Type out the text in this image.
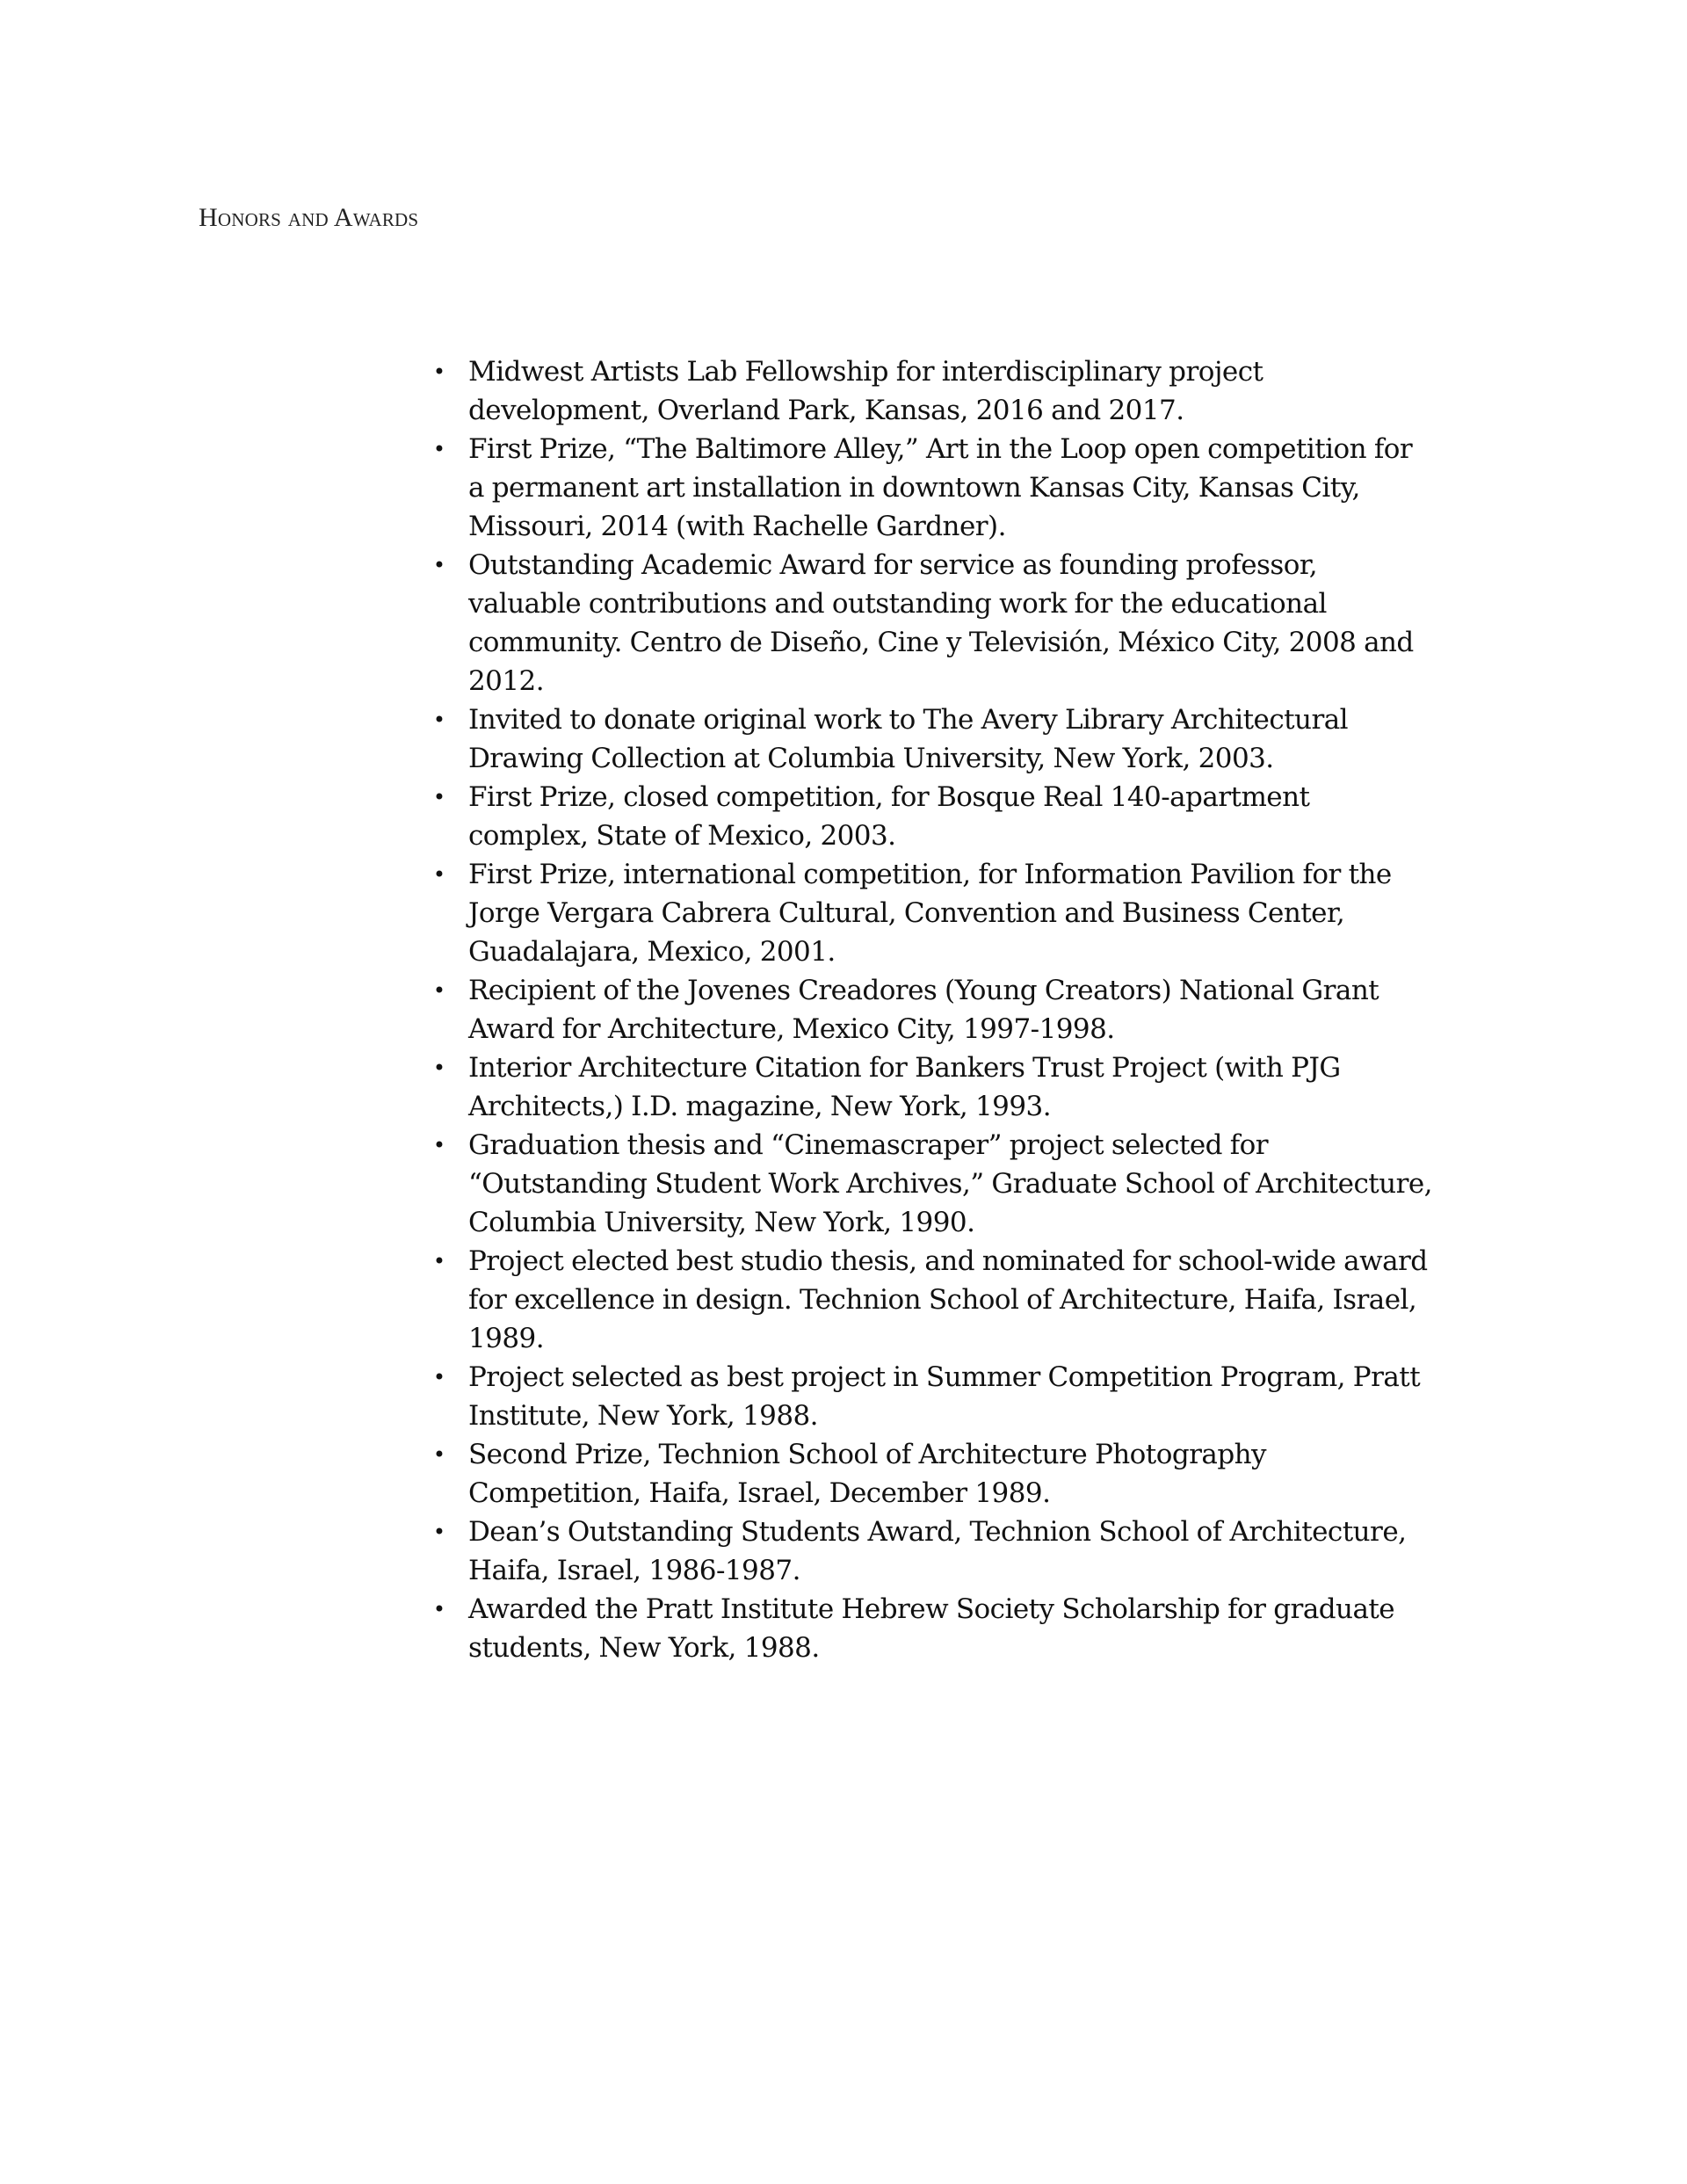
Honors and Awards
• Midwest Artists Lab Fellowship for interdisciplinary project
development, Overland Park, Kansas, 2016 and 2017.
• First Prize, “The Baltimore Alley,” Art in the Loop open competition for
a permanent art installation in downtown Kansas City, Kansas City,
Missouri, 2014 (with Rachelle Gardner).
• Outstanding Academic Award for service as founding professor,
valuable contributions and outstanding work for the educational
community. Centro de Diseño, Cine y Televisión, México City, 2008 and
2012.
• Invited to donate original work to The Avery Library Architectural
Drawing Collection at Columbia University, New York, 2003.
• First Prize, closed competition, for Bosque Real 140-apartment
complex, State of Mexico, 2003.
• First Prize, international competition, for Information Pavilion for the
Jorge Vergara Cabrera Cultural, Convention and Business Center,
Guadalajara, Mexico, 2001.
• Recipient of the Jovenes Creadores (Young Creators) National Grant
Award for Architecture, Mexico City, 1997-1998.
• Interior Architecture Citation for Bankers Trust Project (with PJG
Architects,) I.D. magazine, New York, 1993.
• Graduation thesis and “Cinemascraper” project selected for
“Outstanding Student Work Archives,” Graduate School of Architecture,
Columbia University, New York, 1990.
• Project elected best studio thesis, and nominated for school-wide award
for excellence in design. Technion School of Architecture, Haifa, Israel,
1989.
• Project selected as best project in Summer Competition Program, Pratt
Institute, New York, 1988.
• Second Prize, Technion School of Architecture Photography
Competition, Haifa, Israel, December 1989.
• Dean’s Outstanding Students Award, Technion School of Architecture,
Haifa, Israel, 1986-1987.
• Awarded the Pratt Institute Hebrew Society Scholarship for graduate
students, New York, 1988.
